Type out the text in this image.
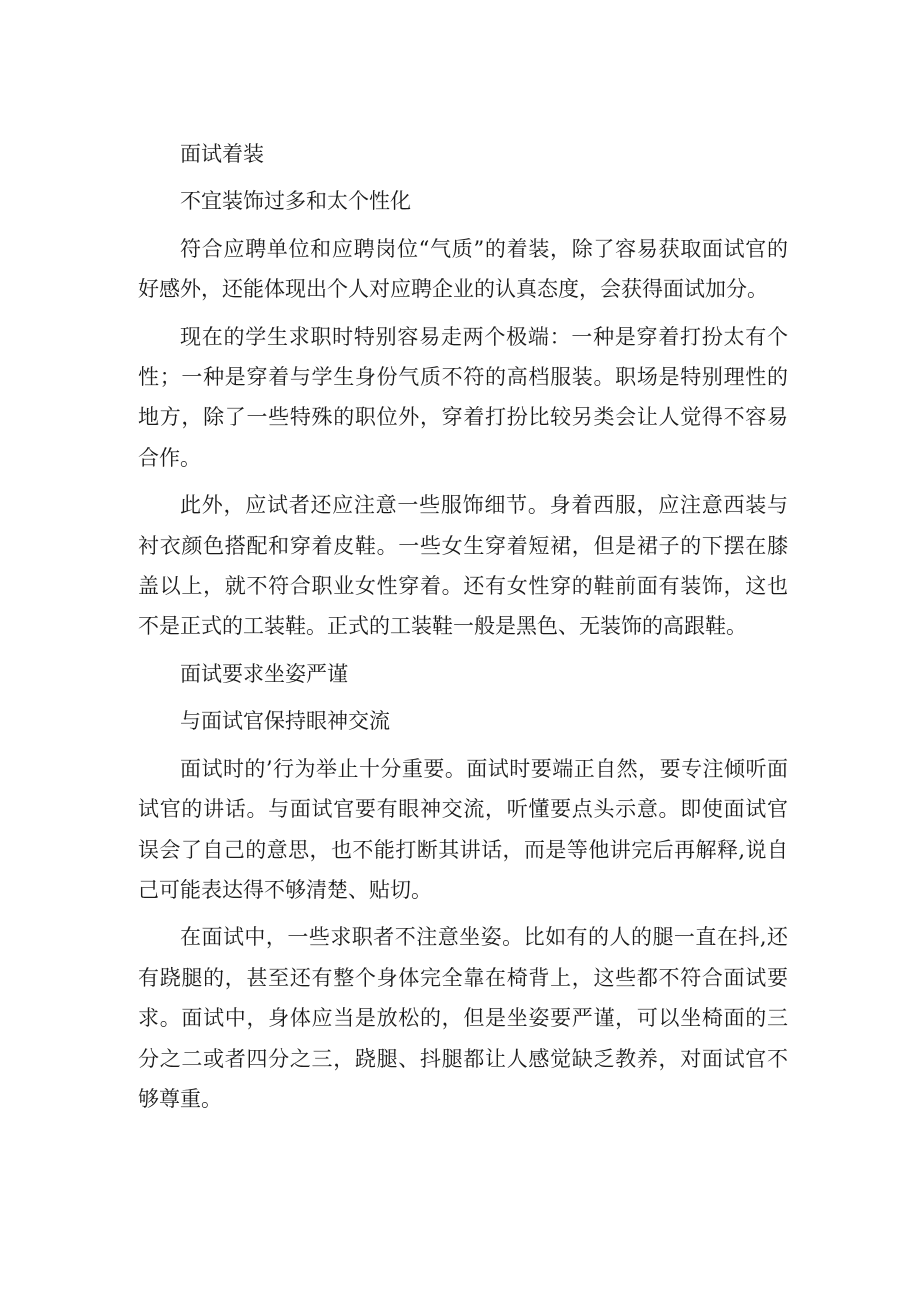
面试着装

不宜装饰过多和太个性化

符合应聘单位和应聘岗位“气质”的着装，除了容易获取面试官的好感外，还能体现出个人对应聘企业的认真态度，会获得面试加分。

现在的学生求职时特别容易走两个极端：一种是穿着打扮太有个性；一种是穿着与学生身份气质不符的高档服装。职场是特别理性的地方，除了一些特殊的职位外，穿着打扮比较另类会让人觉得不容易合作。

此外，应试者还应注意一些服饰细节。身着西服，应注意西装与衬衣颜色搭配和穿着皮鞋。一些女生穿着短裙，但是裙子的下摆在膝盖以上，就不符合职业女性穿着。还有女性穿的鞋前面有装饰，这也不是正式的工装鞋。正式的工装鞋一般是黑色、无装饰的高跟鞋。

面试要求坐姿严谨

与面试官保持眼神交流

面试时的’行为举止十分重要。面试时要端正自然，要专注倾听面试官的讲话。与面试官要有眼神交流，听懂要点头示意。即使面试官误会了自己的意思，也不能打断其讲话，而是等他讲完后再解释,说自己可能表达得不够清楚、贴切。

在面试中，一些求职者不注意坐姿。比如有的人的腿一直在抖,还有跷腿的，甚至还有整个身体完全靠在椅背上，这些都不符合面试要求。面试中，身体应当是放松的，但是坐姿要严谨，可以坐椅面的三分之二或者四分之三，跷腿、抖腿都让人感觉缺乏教养，对面试官不够尊重。
